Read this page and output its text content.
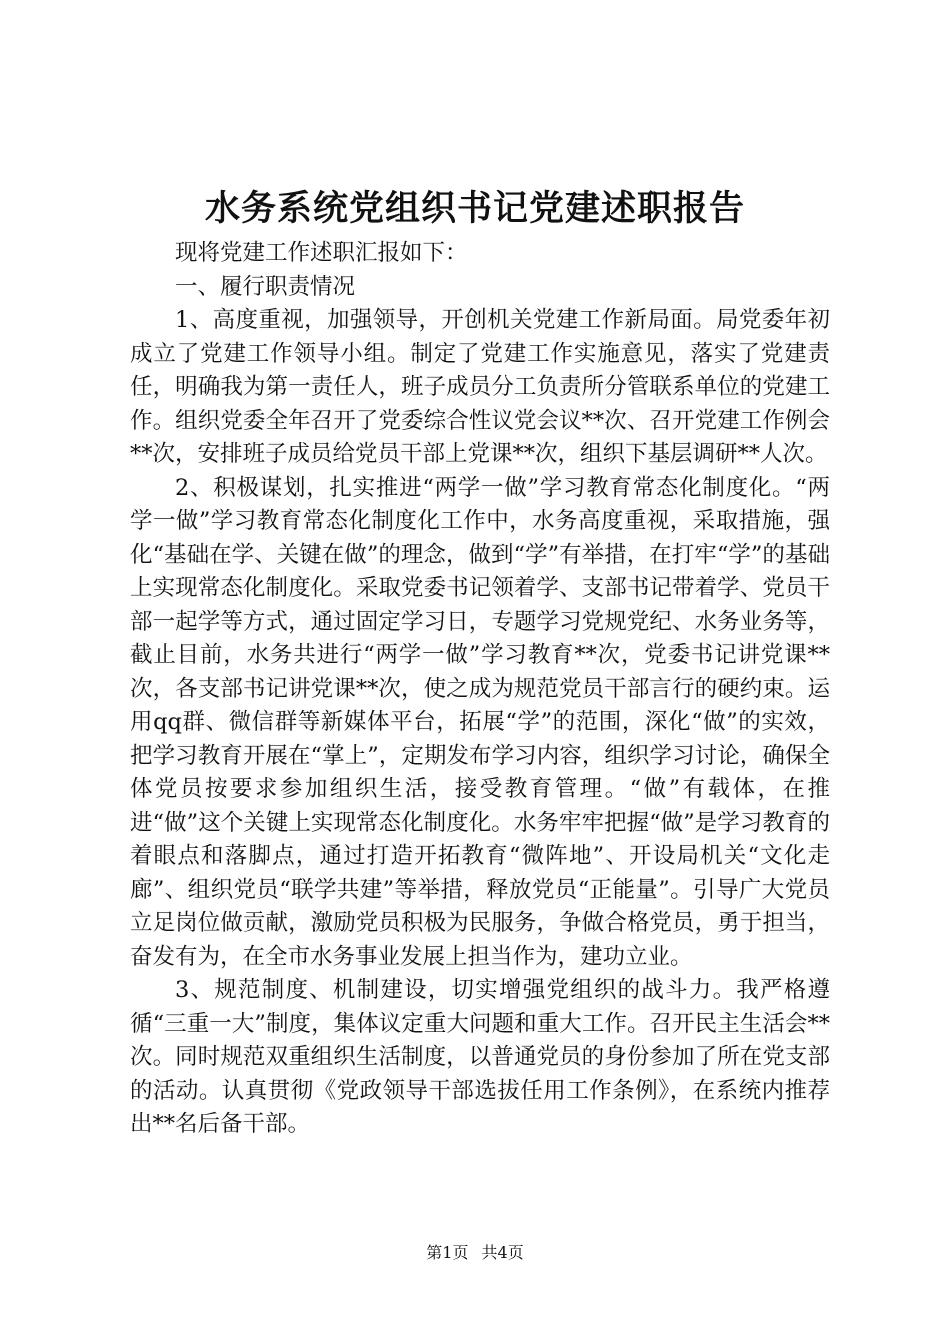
水务系统党组织书记党建述职报告

现将党建工作述职汇报如下：

一、履行职责情况

1、高度重视，加强领导，开创机关党建工作新局面。局党委年初成立了党建工作领导小组。制定了党建工作实施意见，落实了党建责任，明确我为第一责任人，班子成员分工负责所分管联系单位的党建工作。组织党委全年召开了党委综合性议党会议**次、召开党建工作例会**次，安排班子成员给党员干部上党课**次，组织下基层调研**人次。

2、积极谋划，扎实推进“两学一做”学习教育常态化制度化。“两学一做”学习教育常态化制度化工作中，水务高度重视，采取措施，强化“基础在学、关键在做”的理念，做到“学”有举措，在打牢“学”的基础上实现常态化制度化。采取党委书记领着学、支部书记带着学、党员干部一起学等方式，通过固定学习日，专题学习党规党纪、水务业务等，截止目前，水务共进行“两学一做”学习教育**次，党委书记讲党课**次，各支部书记讲党课**次，使之成为规范党员干部言行的硬约束。运用qq群、微信群等新媒体平台，拓展“学”的范围，深化“做”的实效，把学习教育开展在“掌上”，定期发布学习内容，组织学习讨论，确保全体党员按要求参加组织生活，接受教育管理。“做”有载体，在推进“做”这个关键上实现常态化制度化。水务牢牢把握“做”是学习教育的着眼点和落脚点，通过打造开拓教育“微阵地”、开设局机关“文化走廊”、组织党员“联学共建”等举措，释放党员“正能量”。引导广大党员立足岗位做贡献，激励党员积极为民服务，争做合格党员，勇于担当，奋发有为，在全市水务事业发展上担当作为，建功立业。

3、规范制度、机制建设，切实增强党组织的战斗力。我严格遵循“三重一大”制度，集体议定重大问题和重大工作。召开民主生活会**次。同时规范双重组织生活制度，以普通党员的身份参加了所在党支部的活动。认真贯彻《党政领导干部选拔任用工作条例》，在系统内推荐出**名后备干部。

第1页 共4页
